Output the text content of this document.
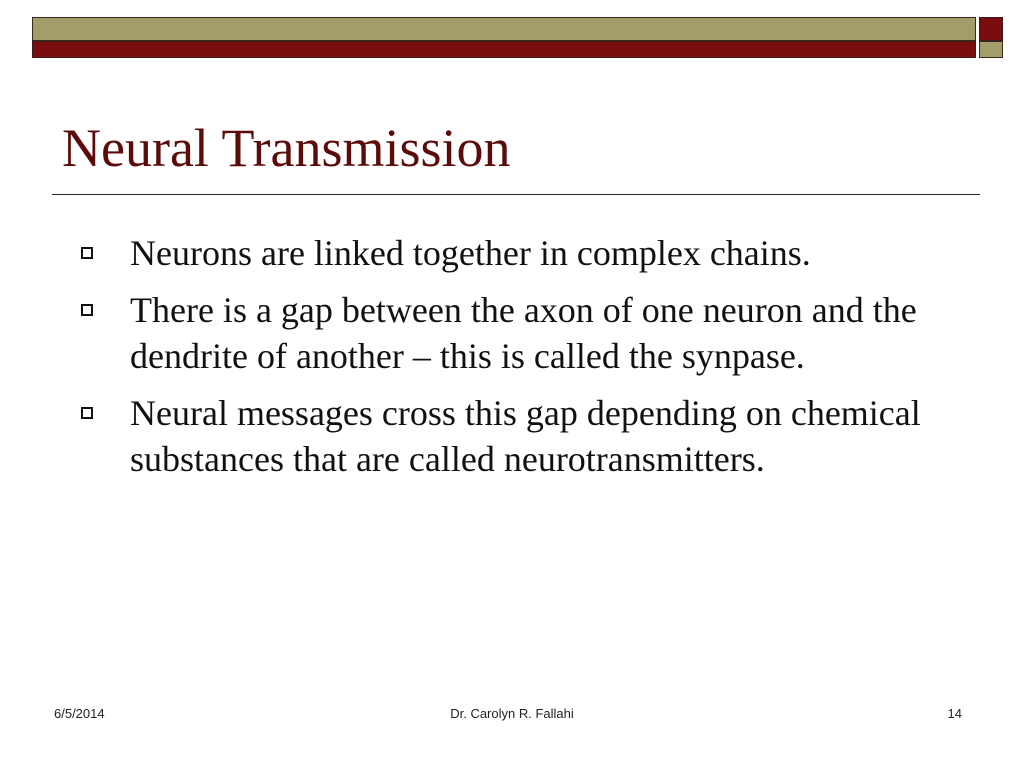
Neural Transmission
Neurons are linked together in complex chains.
There is a gap between the axon of one neuron and the dendrite of another – this is called the synpase.
Neural messages cross this gap depending on chemical substances that are called neurotransmitters.
6/5/2014	Dr. Carolyn R. Fallahi	14
